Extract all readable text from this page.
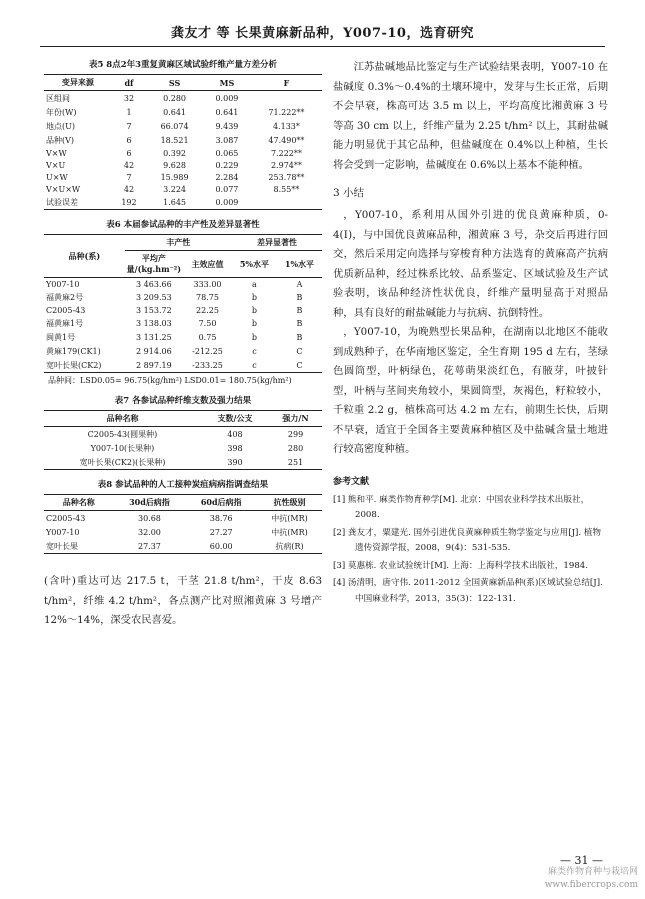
龚友才 等 长果黄麻新品种，Y007-10，选育研究
表5 8点2年3重复黄麻区域试验纤维产量方差分析
变异来源	df	SS	MS	F
区组间	32	0.280	0.009	
年份(W)	1	0.641	0.641	71.222**
地点(U)	7	66.074	9.439	4.133*
品种(V)	6	18.521	3.087	47.490**
V×W	6	0.392	0.065	7.222**
V×U	42	9.628	0.229	2.974**
U×W	7	15.989	2.284	253.78**
V×U×W	42	3.224	0.077	8.55**
试验误差	192	1.645	0.009	
表6 本届参试品种的丰产性及差异显著性
品种(系)	丰产性		差异显著性	
	平均产量/(kg.hm⁻²)	主效应值	5%水平	1%水平
Y007-10	3 463.66	333.00	a	A
福黄麻2号	3 209.53	78.75	b	B
C2005-43	3 153.72	22.25	b	B
福黄麻1号	3 138.03	7.50	b	B
闽黄1号	3 131.25	0.75	b	B
黄麻179(CK1)	2 914.06	-212.25	c	C
宽叶长果(CK2)	2 897.19	-233.25	c	C
品种间：LSD0.05= 96.75(kg/hm²) LSD0.01= 180.75(kg/hm²)
表7 各参试品种纤维支数及强力结果
品种名称	支数/公支	强力/N
C2005-43(圆果种)	408	299
Y007-10(长果种)	398	280
宽叶长果(CK2)(长果种)	390	251
表8 参试品种的人工接种炭疽病病指调查结果
品种名称	30d后病指	60d后病指	抗性级别
C2005-43	30.68	38.76	中抗(MR)
Y007-10	32.00	27.27	中抗(MR)
宽叶长果	27.37	60.00	抗病(R)

(含叶)重达可达 217.5 t，干茎 21.8 t/hm²，干皮 8.63 t/hm²，纤维 4.2 t/hm²，各点测产比对照湘黄麻 3 号增产 12%～14%，深受农民喜爱。

江苏盐碱地品比鉴定与生产试验结果表明，Y007-10 在盐碱度 0.3%～0.4%的土壤环境中，发芽与生长正常，后期不会早衰，株高可达 3.5 m 以上，平均高度比湘黄麻 3 号等高 30 cm 以上，纤维产量为 2.25 t/hm² 以上，其耐盐碱能力明显优于其它品种，但盐碱度在 0.4%以上种植，生长将会受到一定影响，盐碱度在 0.6%以上基本不能种植。

3 小结

，Y007-10，系利用从国外引进的优良黄麻种质，0-4(Ⅰ)，与中国优良黄麻品种，湘黄麻 3 号，杂交后再进行回交，然后采用定向选择与穿梭育种方法选育的黄麻高产抗病优质新品种，经过株系比较、品系鉴定、区域试验及生产试验表明，该品种经济性状优良，纤维产量明显高于对照品种，具有良好的耐盐碱能力与抗病、抗倒特性。

，Y007-10，为晚熟型长果品种，在湖南以北地区不能收到成熟种子，在华南地区鉴定，全生育期 195 d 左右，茎绿色圆筒型，叶柄绿色，花萼萌果淡红色，有腋芽，叶披针型，叶柄与茎间夹角较小，果圆筒型，灰褐色，籽粒较小，千粒重 2.2 g，植株高可达 4.2 m 左右，前期生长快，后期不早衰，适宜于全国各主要黄麻种植区及中盐碱含量土地进行较高密度种植。

参考文献

[1] 熊和平. 麻类作物育种学[M]. 北京：中国农业科学技术出版社，2008.

[2] 龚友才，粟建光. 国外引进优良黄麻种质生物学鉴定与应用[J]. 植物遗传资源学报，2008，9(4)：531-535.

[3] 莫惠栋. 农业试验统计[M]. 上海：上海科学技术出版社，1984.

[4] 汤清明，唐守伟. 2011-2012 全国黄麻新品种(系)区域试验总结[J]. 中国麻业科学，2013，35(3)：122-131.

— 31 —
麻类作物育种与栽培网
www.fibercrops.com
